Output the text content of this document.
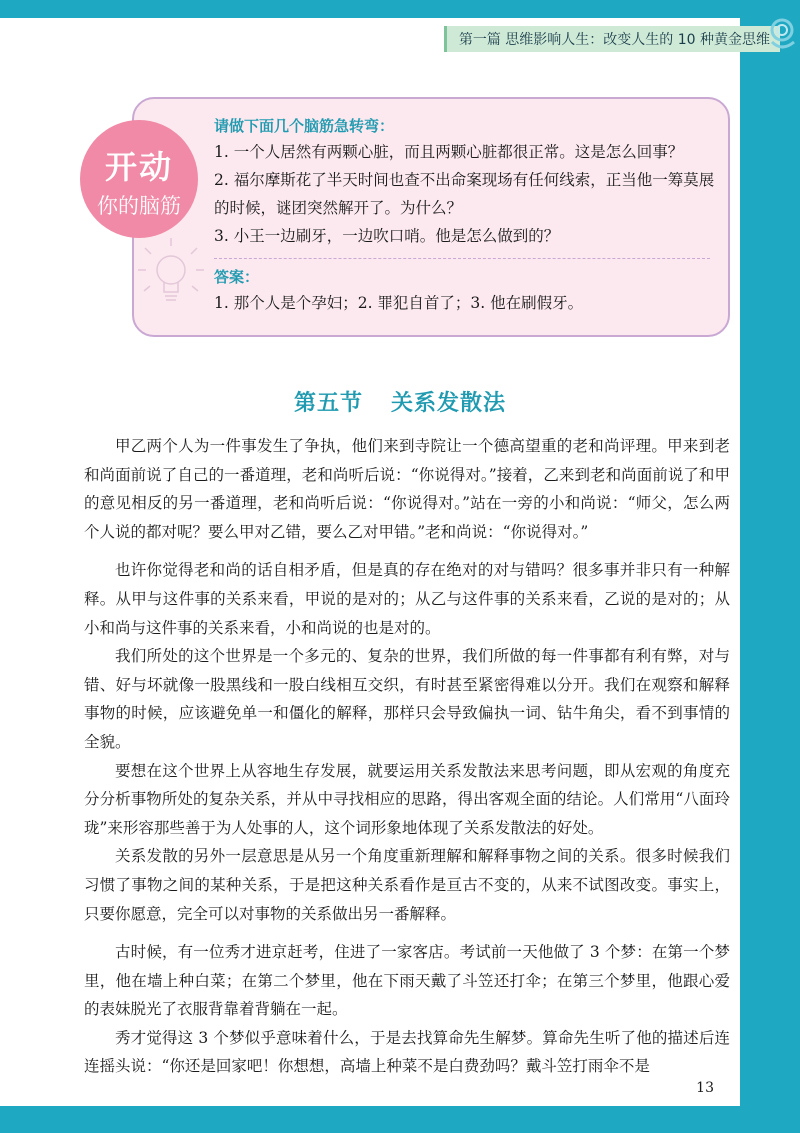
第一篇 思维影响人生：改变人生的 10 种黄金思维
开动
你的脑筋
请做下面几个脑筋急转弯：

1. 一个人居然有两颗心脏，而且两颗心脏都很正常。这是怎么回事？

2. 福尔摩斯花了半天时间也查不出命案现场有任何线索，正当他一筹莫展的时候，谜团突然解开了。为什么？

3. 小王一边刷牙，一边吹口哨。他是怎么做到的？

答案：

1. 那个人是个孕妇；2. 罪犯自首了；3. 他在刷假牙。

第五节 关系发散法

甲乙两个人为一件事发生了争执，他们来到寺院让一个德高望重的老和尚评理。甲来到老和尚面前说了自己的一番道理，老和尚听后说：“你说得对。”接着，乙来到老和尚面前说了和甲的意见相反的另一番道理，老和尚听后说：“你说得对。”站在一旁的小和尚说：“师父，怎么两个人说的都对呢？要么甲对乙错，要么乙对甲错。”老和尚说：“你说得对。”

也许你觉得老和尚的话自相矛盾，但是真的存在绝对的对与错吗？很多事并非只有一种解释。从甲与这件事的关系来看，甲说的是对的；从乙与这件事的关系来看，乙说的是对的；从小和尚与这件事的关系来看，小和尚说的也是对的。

我们所处的这个世界是一个多元的、复杂的世界，我们所做的每一件事都有利有弊，对与错、好与坏就像一股黑线和一股白线相互交织，有时甚至紧密得难以分开。我们在观察和解释事物的时候，应该避免单一和僵化的解释，那样只会导致偏执一词、钻牛角尖，看不到事情的全貌。

要想在这个世界上从容地生存发展，就要运用关系发散法来思考问题，即从宏观的角度充分分析事物所处的复杂关系，并从中寻找相应的思路，得出客观全面的结论。人们常用“八面玲珑”来形容那些善于为人处事的人，这个词形象地体现了关系发散法的好处。

关系发散的另外一层意思是从另一个角度重新理解和解释事物之间的关系。很多时候我们习惯了事物之间的某种关系，于是把这种关系看作是亘古不变的，从来不试图改变。事实上，只要你愿意，完全可以对事物的关系做出另一番解释。

古时候，有一位秀才进京赶考，住进了一家客店。考试前一天他做了 3 个梦：在第一个梦里，他在墙上种白菜；在第二个梦里，他在下雨天戴了斗笠还打伞；在第三个梦里，他跟心爱的表妹脱光了衣服背靠着背躺在一起。

秀才觉得这 3 个梦似乎意味着什么，于是去找算命先生解梦。算命先生听了他的描述后连连摇头说：“你还是回家吧！你想想，高墙上种菜不是白费劲吗？戴斗笠打雨伞不是

13
